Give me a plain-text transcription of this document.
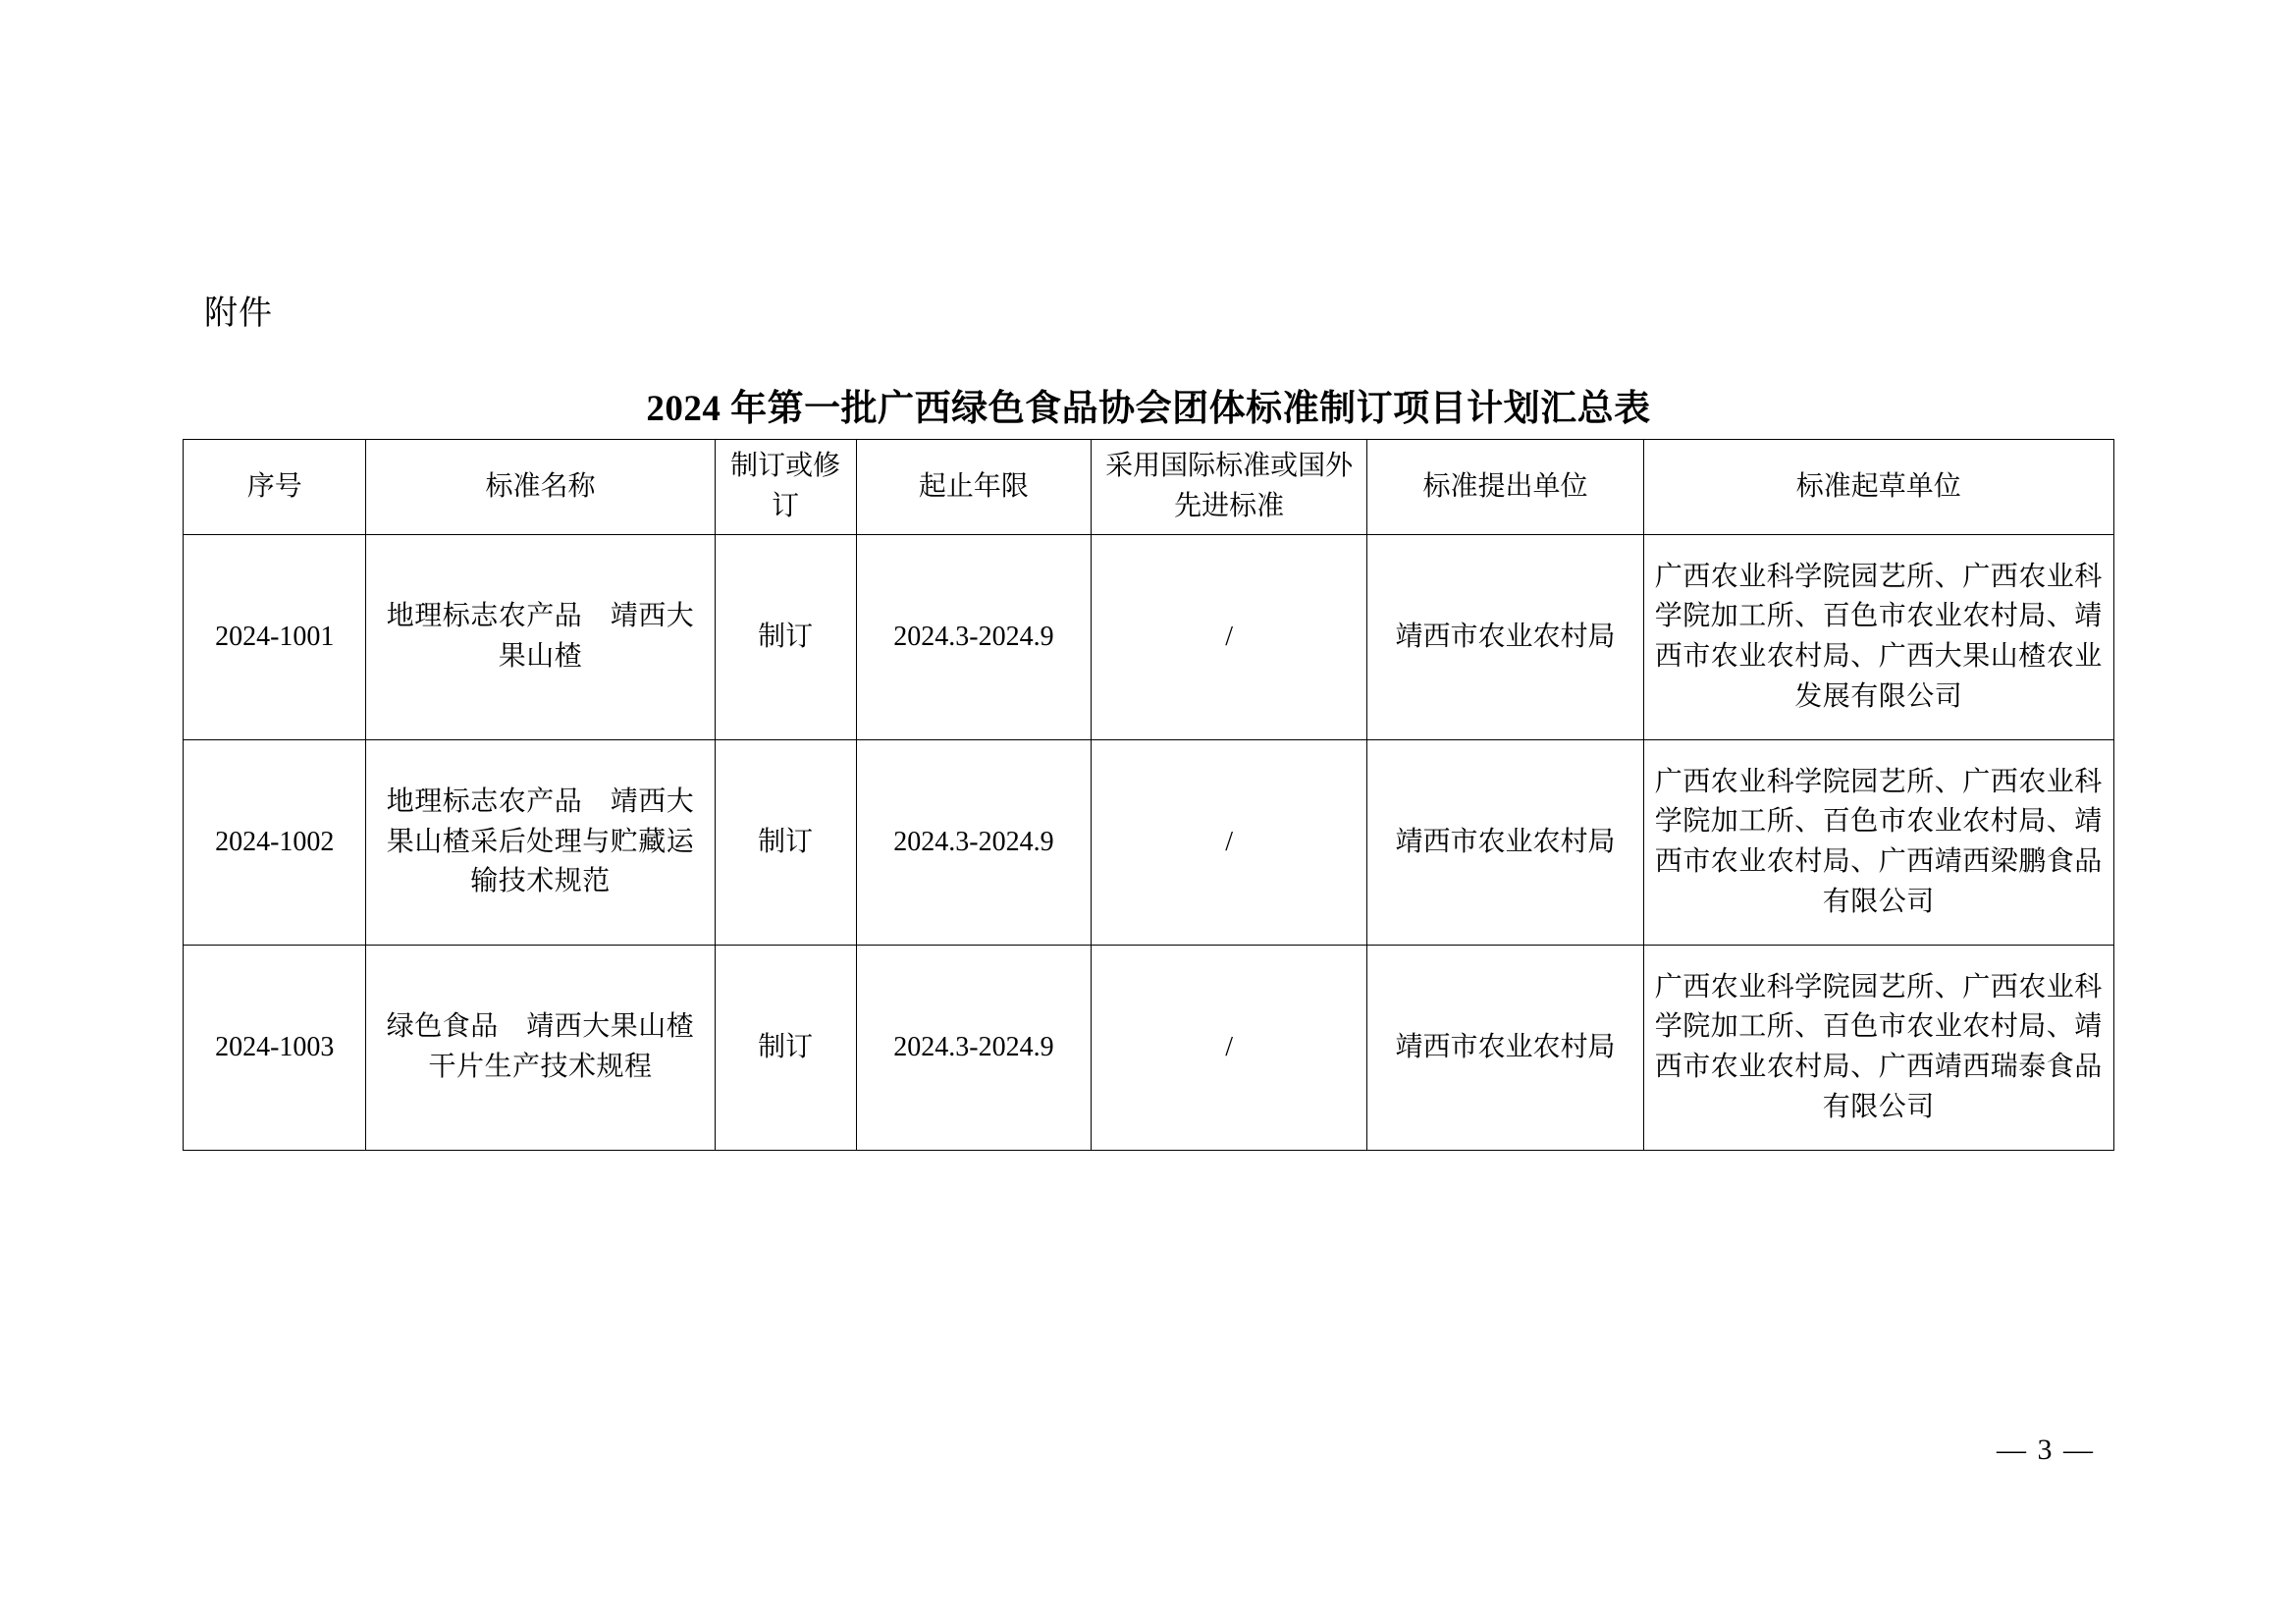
附件
2024 年第一批广西绿色食品协会团体标准制订项目计划汇总表
序号	标准名称	制订或修订	起止年限	采用国际标准或国外先进标准	标准提出单位	标准起草单位
2024-1001	地理标志农产品　靖西大果山楂	制订	2024.3-2024.9	/	靖西市农业农村局	广西农业科学院园艺所、广西农业科学院加工所、百色市农业农村局、靖西市农业农村局、广西大果山楂农业发展有限公司
2024-1002	地理标志农产品　靖西大果山楂采后处理与贮藏运输技术规范	制订	2024.3-2024.9	/	靖西市农业农村局	广西农业科学院园艺所、广西农业科学院加工所、百色市农业农村局、靖西市农业农村局、广西靖西梁鹏食品有限公司
2024-1003	绿色食品　靖西大果山楂干片生产技术规程	制订	2024.3-2024.9	/	靖西市农业农村局	广西农业科学院园艺所、广西农业科学院加工所、百色市农业农村局、靖西市农业农村局、广西靖西瑞泰食品有限公司
— 3 —
